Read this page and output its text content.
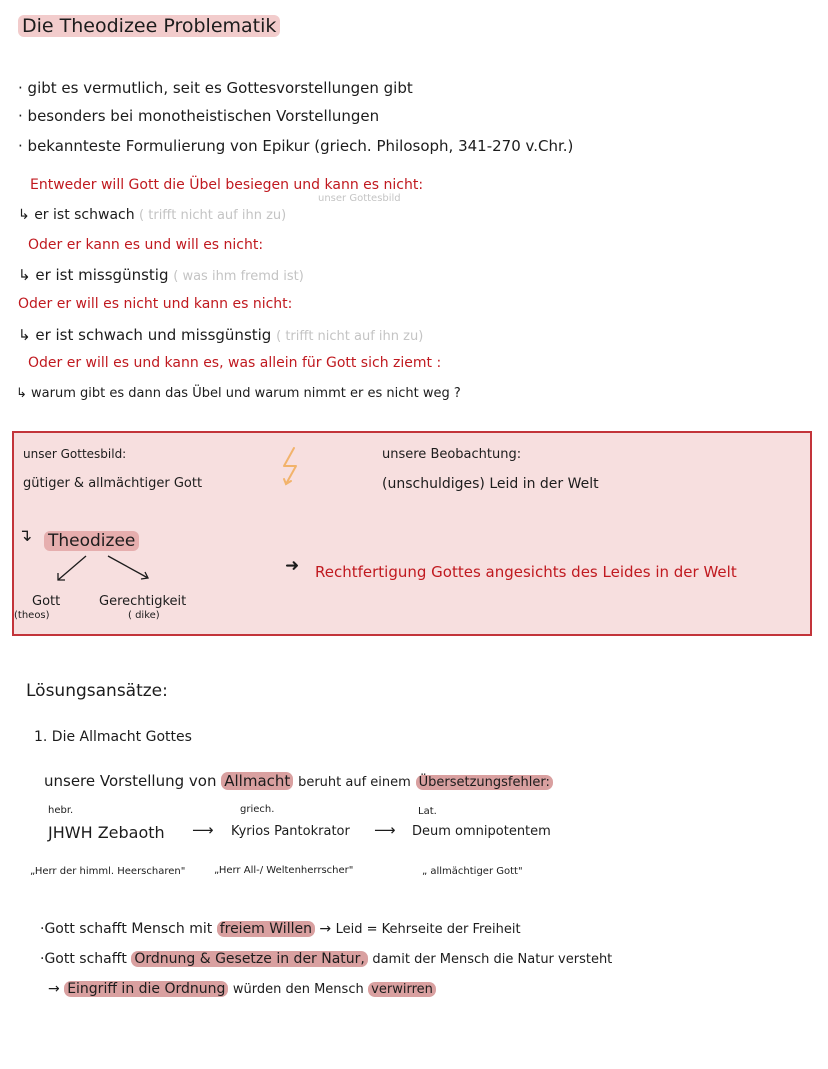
Die Theodizee Problematik
· gibt es vermutlich, seit es Gottesvorstellungen gibt
· besonders bei monotheistischen Vorstellungen
· bekannteste Formulierung von Epikur (griech. Philosoph, 341-270 v.Chr.)
Entweder will Gott die Übel besiegen und kann es nicht:
unser Gottesbild
↳ er ist schwach ( trifft nicht auf ihn zu)
Oder er kann es und will es nicht:
↳ er ist missgünstig ( was ihm fremd ist)
Oder er will es nicht und kann es nicht:
↳ er ist schwach und missgünstig ( trifft nicht auf ihn zu)
Oder er will es und kann es, was allein für Gott sich ziemt :
↳ warum gibt es dann das Übel und warum nimmt er es nicht weg ?
unser Gottesbild:
gütiger & allmächtiger Gott
unsere Beobachtung:
(unschuldiges) Leid in der Welt
↴ Theodizee
Gott
(theos)
Gerechtigkeit
( dike)
➜ Rechtfertigung Gottes angesichts des Leides in der Welt
Lösungsansätze:
1. Die Allmacht Gottes
unsere Vorstellung von Allmacht beruht auf einem Übersetzungsfehler:
hebr.	griech.	Lat.
JHWH Zebaoth ⟶ Kyrios Pantokrator ⟶ Deum omnipotentem
„Herr der himml. Heerscharen"	„Herr All-/ Weltenherrscher"	„ allmächtiger Gott"
·Gott schafft Mensch mit freiem Willen → Leid = Kehrseite der Freiheit
·Gott schafft Ordnung & Gesetze in der Natur, damit der Mensch die Natur versteht
→ Eingriff in die Ordnung würden den Mensch verwirren
